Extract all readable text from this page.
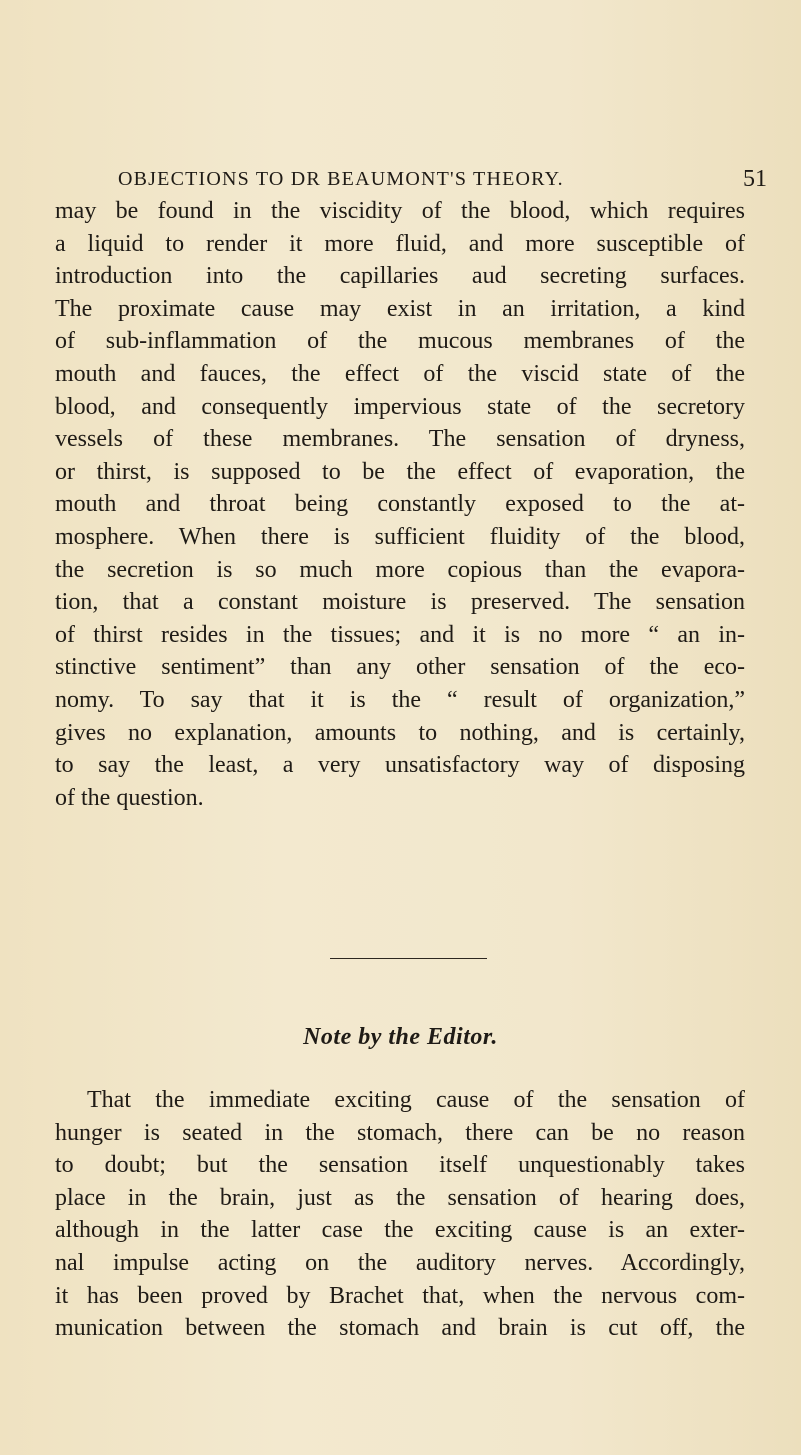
OBJECTIONS TO DR BEAUMONT'S THEORY.	51
may be found in the viscidity of the blood, which requires
a liquid to render it more fluid, and more susceptible of
introduction into the capillaries aud secreting surfaces.
The proximate cause may exist in an irritation, a kind
of sub-inflammation of the mucous membranes of the
mouth and fauces, the effect of the viscid state of the
blood, and consequently impervious state of the secretory
vessels of these membranes. The sensation of dryness,
or thirst, is supposed to be the effect of evaporation, the
mouth and throat being constantly exposed to the at-
mosphere. When there is sufficient fluidity of the blood,
the secretion is so much more copious than the evapora-
tion, that a constant moisture is preserved. The sensation
of thirst resides in the tissues; and it is no more “ an in-
stinctive sentiment” than any other sensation of the eco-
nomy. To say that it is the “ result of organization,”
gives no explanation, amounts to nothing, and is certainly,
to say the least, a very unsatisfactory way of disposing
of the question.
Note by the Editor.
That the immediate exciting cause of the sensation of
hunger is seated in the stomach, there can be no reason
to doubt; but the sensation itself unquestionably takes
place in the brain, just as the sensation of hearing does,
although in the latter case the exciting cause is an exter-
nal impulse acting on the auditory nerves. Accordingly,
it has been proved by Brachet that, when the nervous com-
munication between the stomach and brain is cut off, the
